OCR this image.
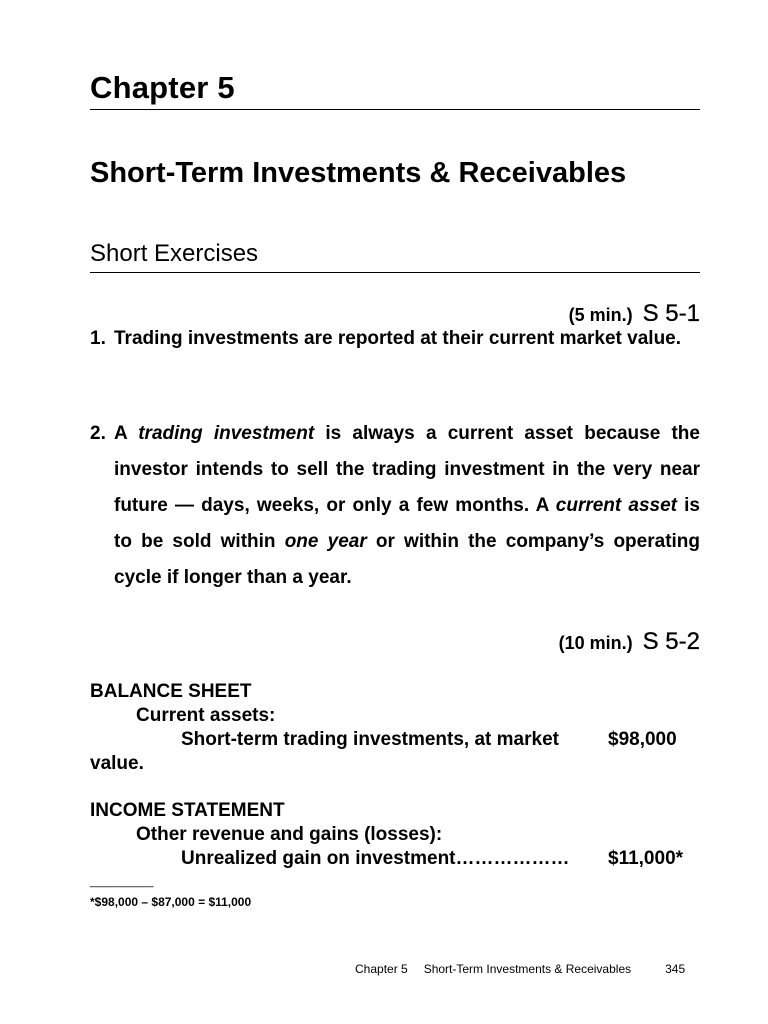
Chapter 5
Short-Term Investments & Receivables
Short Exercises
(5 min.) S 5-1
1. Trading investments are reported at their current market value.
2. A trading investment is always a current asset because the investor intends to sell the trading investment in the very near future — days, weeks, or only a few months. A current asset is to be sold within one year or within the company’s operating cycle if longer than a year.
(10 min.) S 5-2
BALANCE SHEET
Current assets:
Short-term trading investments, at market	$98,000
value.
INCOME STATEMENT
Other revenue and gains (losses):
Unrealized gain on investment……………… $11,000*
______
*$98,000 – $87,000 = $11,000
Chapter 5 Short-Term Investments & Receivables	345
